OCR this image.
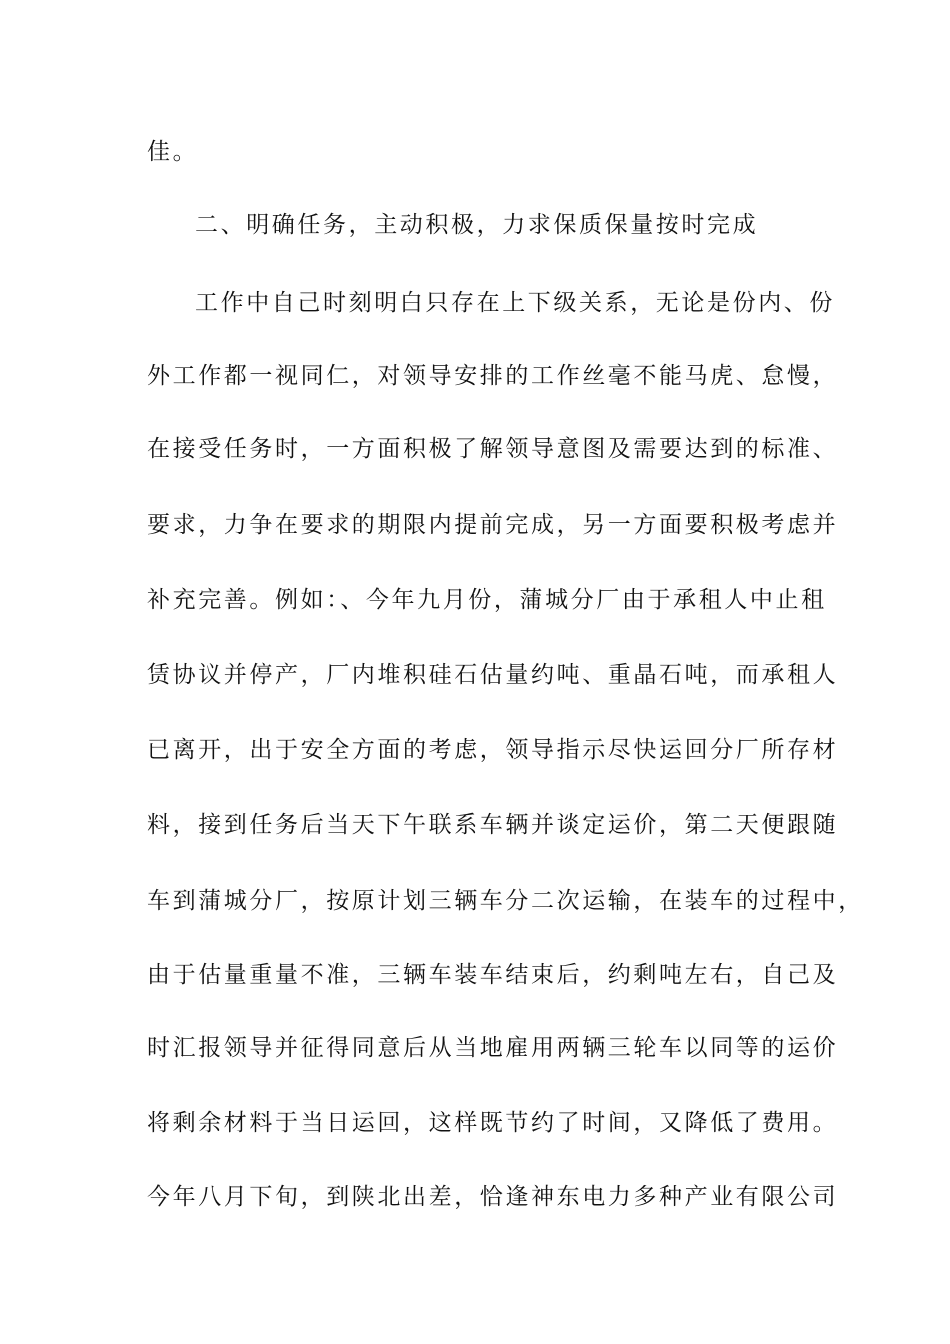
佳。
二、明确任务，主动积极，力求保质保量按时完成
工作中自己时刻明白只存在上下级关系，无论是份内、份
外工作都一视同仁，对领导安排的工作丝毫不能马虎、怠慢，
在接受任务时，一方面积极了解领导意图及需要达到的标准、
要求，力争在要求的期限内提前完成，另一方面要积极考虑并
补充完善。例如：、今年九月份，蒲城分厂由于承租人中止租
赁协议并停产，厂内堆积硅石估量约吨、重晶石吨，而承租人
已离开，出于安全方面的考虑，领导指示尽快运回分厂所存材
料，接到任务后当天下午联系车辆并谈定运价，第二天便跟随
车到蒲城分厂，按原计划三辆车分二次运输，在装车的过程中，
由于估量重量不准，三辆车装车结束后，约剩吨左右，自己及
时汇报领导并征得同意后从当地雇用两辆三轮车以同等的运价
将剩余材料于当日运回，这样既节约了时间，又降低了费用。
今年八月下旬，到陕北出差，恰逢神东电力多种产业有限公司
